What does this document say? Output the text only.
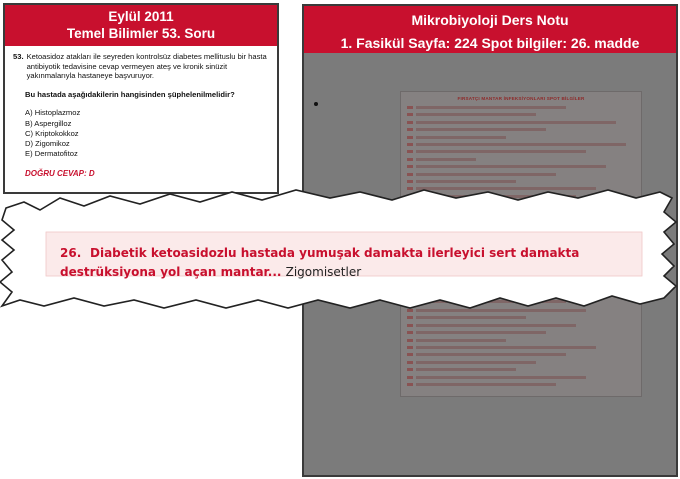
Eylül 2011
Temel Bilimler 53. Soru
53. Ketoasidoz atakları ile seyreden kontrolsüz diabetes mellituslu bir hasta antibiyotik tedavisine cevap vermeyen ateş ve kronik sinüzit yakınmalarıyla hastaneye başvuruyor.
Bu hastada aşağıdakilerin hangisinden şüphelenilmelidir?
A) Histoplazmoz
B) Aspergilloz
C) Kriptokokkoz
D) Zigomikoz
E) Dermatofitoz
DOĞRU CEVAP: D
Mikrobiyoloji Ders Notu
1. Fasikül Sayfa: 224 Spot bilgiler: 26. madde
FIRSATÇI MANTAR İNFEKSİYONLARI SPOT BİLGİLER
26. Diabetik ketoasidozlu hastada yumuşak damakta ilerleyici sert damakta destrüksiyona yol açan mantar... Zigomisetler
